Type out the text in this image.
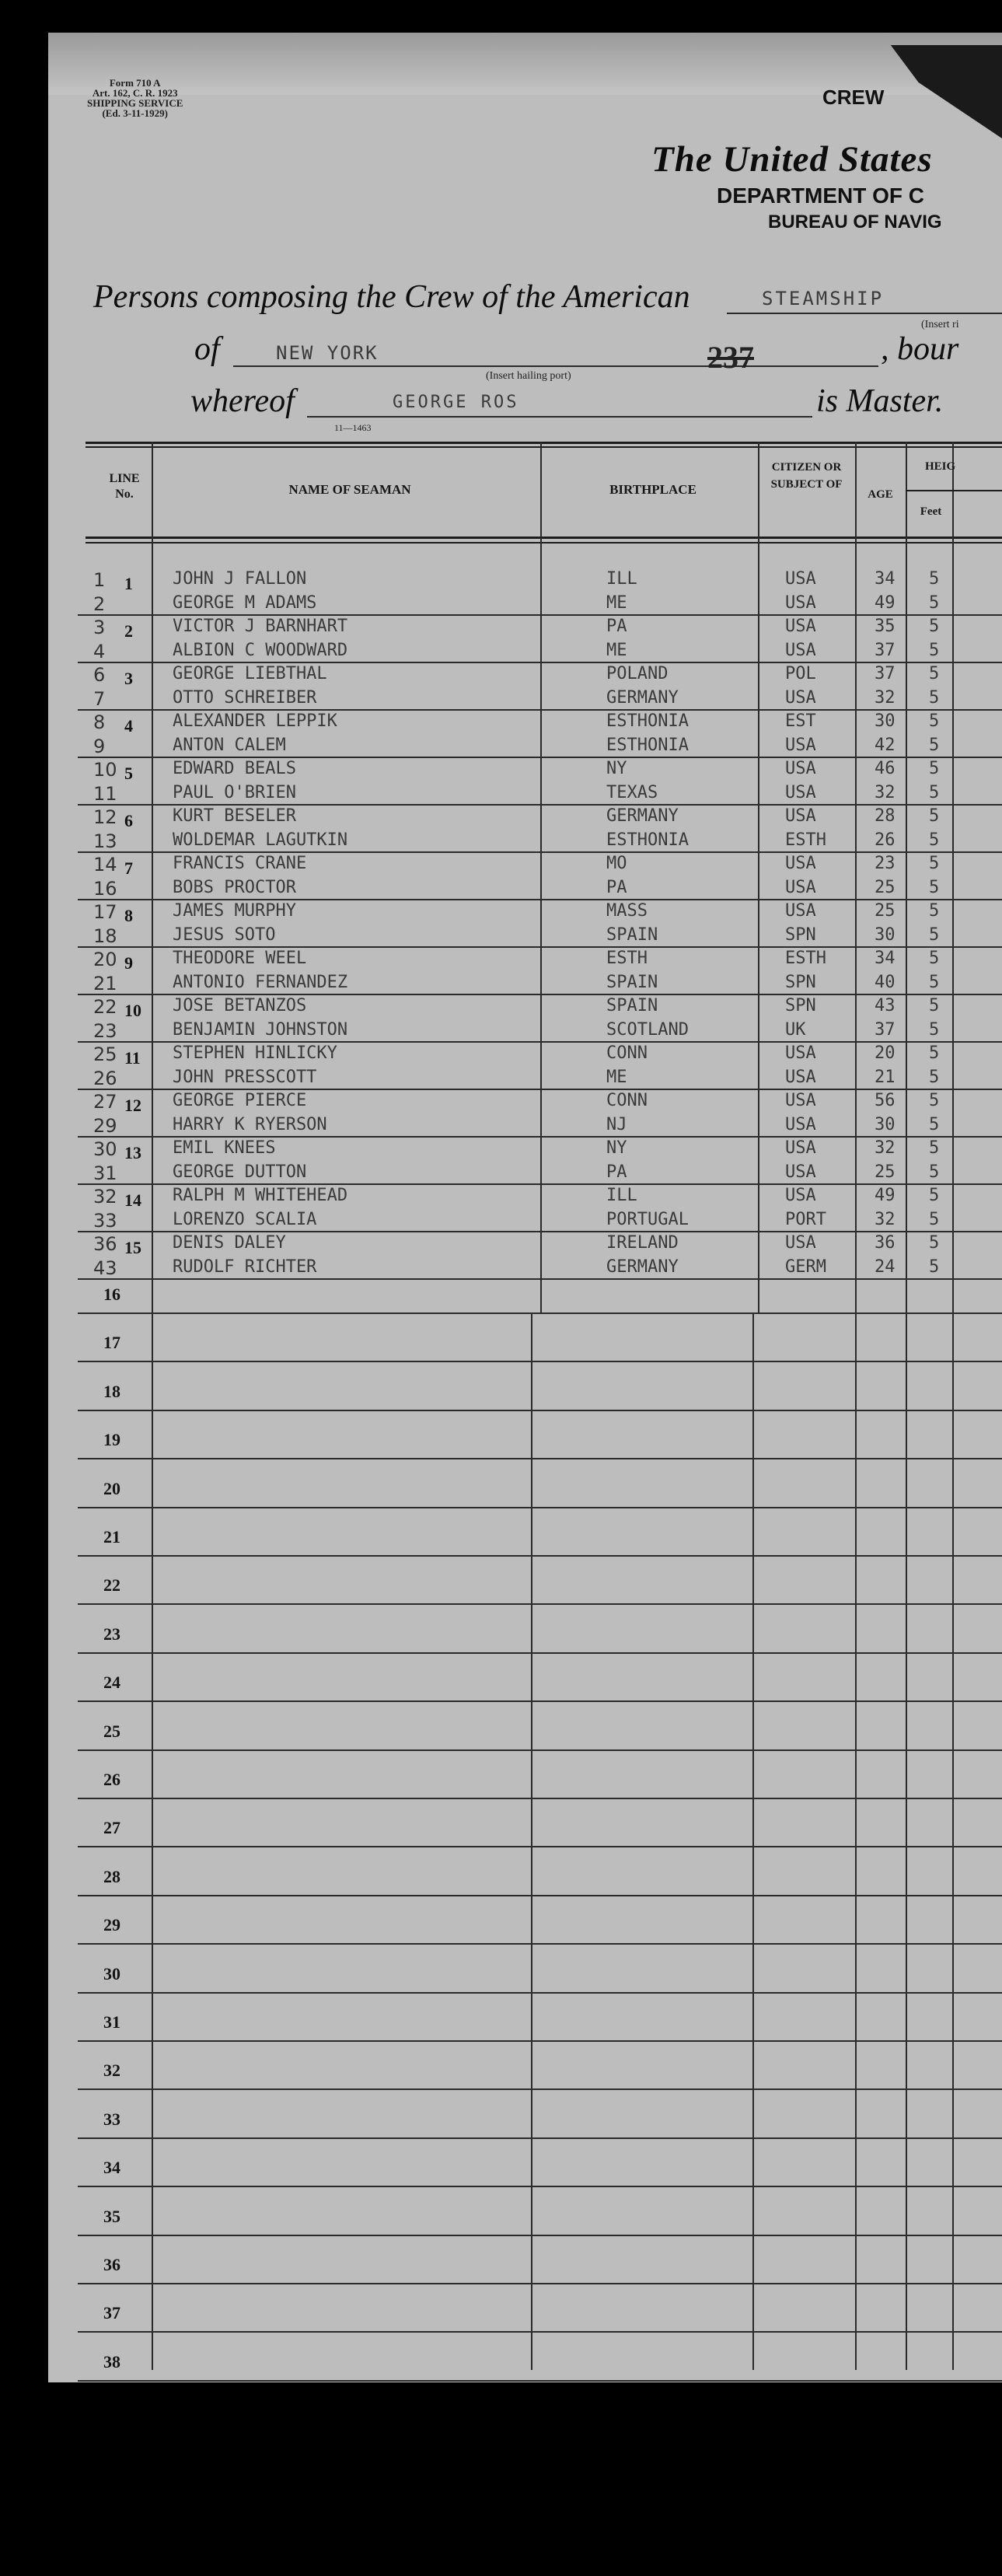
Form 710 A
Art. 162, C. R. 1923
SHIPPING SERVICE
(Ed. 3-11-1929)
CREW
The United States
DEPARTMENT OF C
BUREAU OF NAVIG
Persons composing the Crew of the American	STEAMSHIP
(Insert ri
of	NEW YORK	237
(Insert hailing port)
, bour
whereof	GEORGE ROS	is Master.
11—1463
LINE No.	NAME OF SEAMAN	BIRTHPLACE
CITIZEN OR SUBJECT OF
AGE
HEIG
Feet
1 1	JOHN J FALLON	ILL	USA	34 5
2	GEORGE M ADAMS	ME	USA	49 5
3 2	VICTOR J BARNHART	PA	USA	35 5
4	ALBION C WOODWARD	ME	USA	37 5
6 3	GEORGE LIEBTHAL	POLAND	POL	37 5
7	OTTO SCHREIBER	GERMANY	USA	32 5
8 4	ALEXANDER LEPPIK	ESTHONIA	EST	30 5
9	ANTON CALEM	ESTHONIA	USA	42 5
10 5	EDWARD BEALS	NY	USA	46 5
11	PAUL O'BRIEN	TEXAS	USA	32 5
12 6	KURT BESELER	GERMANY	USA	28 5
13	WOLDEMAR LAGUTKIN	ESTHONIA	ESTH	26 5
14 7	FRANCIS CRANE	MO	USA	23 5
16	BOBS PROCTOR	PA	USA	25 5
17 8	JAMES MURPHY	MASS	USA	25 5
18	JESUS SOTO	SPAIN	SPN	30 5
20 9	THEODORE WEEL	ESTH	ESTH	34 5
21	ANTONIO FERNANDEZ	SPAIN	SPN	40 5
22 10	JOSE BETANZOS	SPAIN	SPN	43 5
23	BENJAMIN JOHNSTON	SCOTLAND	UK	37 5
25 11	STEPHEN HINLICKY	CONN	USA	20 5
26	JOHN PRESSCOTT	ME	USA	21 5
27 12	GEORGE PIERCE	CONN	USA	56 5
29	HARRY K RYERSON	NJ	USA	30 5
30 13	EMIL KNEES	NY	USA	32 5
31	GEORGE DUTTON	PA	USA	25 5
32 14	RALPH M WHITEHEAD	ILL	USA	49 5
33	LORENZO SCALIA	PORTUGAL	PORT	32 5
36 15	DENIS DALEY	IRELAND	USA	36 5
43	RUDOLF RICHTER	GERMANY	GERM	24 5
16
17
18
19
20
21
22
23
24
25
26
27
28
29
30
31
32
33
34
35
36
37
38
